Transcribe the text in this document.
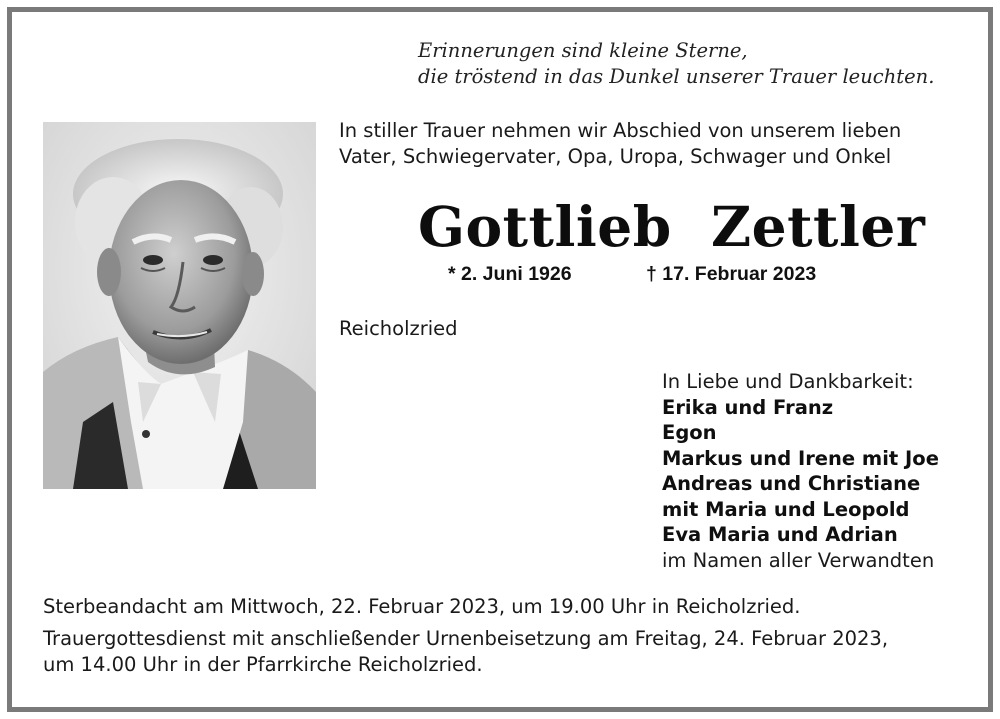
Erinnerungen sind kleine Sterne,
die tröstend in das Dunkel unserer Trauer leuchten.
In stiller Trauer nehmen wir Abschied von unserem lieben
Vater, Schwiegervater, Opa, Uropa, Schwager und Onkel
Gottlieb  Zettler
* 2. Juni 1926	† 17. Februar 2023
Reicholzried
In Liebe und Dankbarkeit:
Erika und Franz
Egon
Markus und Irene mit Joe
Andreas und Christiane
mit Maria und Leopold
Eva Maria und Adrian
im Namen aller Verwandten
Sterbeandacht am Mittwoch, 22. Februar 2023, um 19.00 Uhr in Reicholzried.
Trauergottesdienst mit anschließender Urnenbeisetzung am Freitag, 24. Februar 2023,
um 14.00 Uhr in der Pfarrkirche Reicholzried.
